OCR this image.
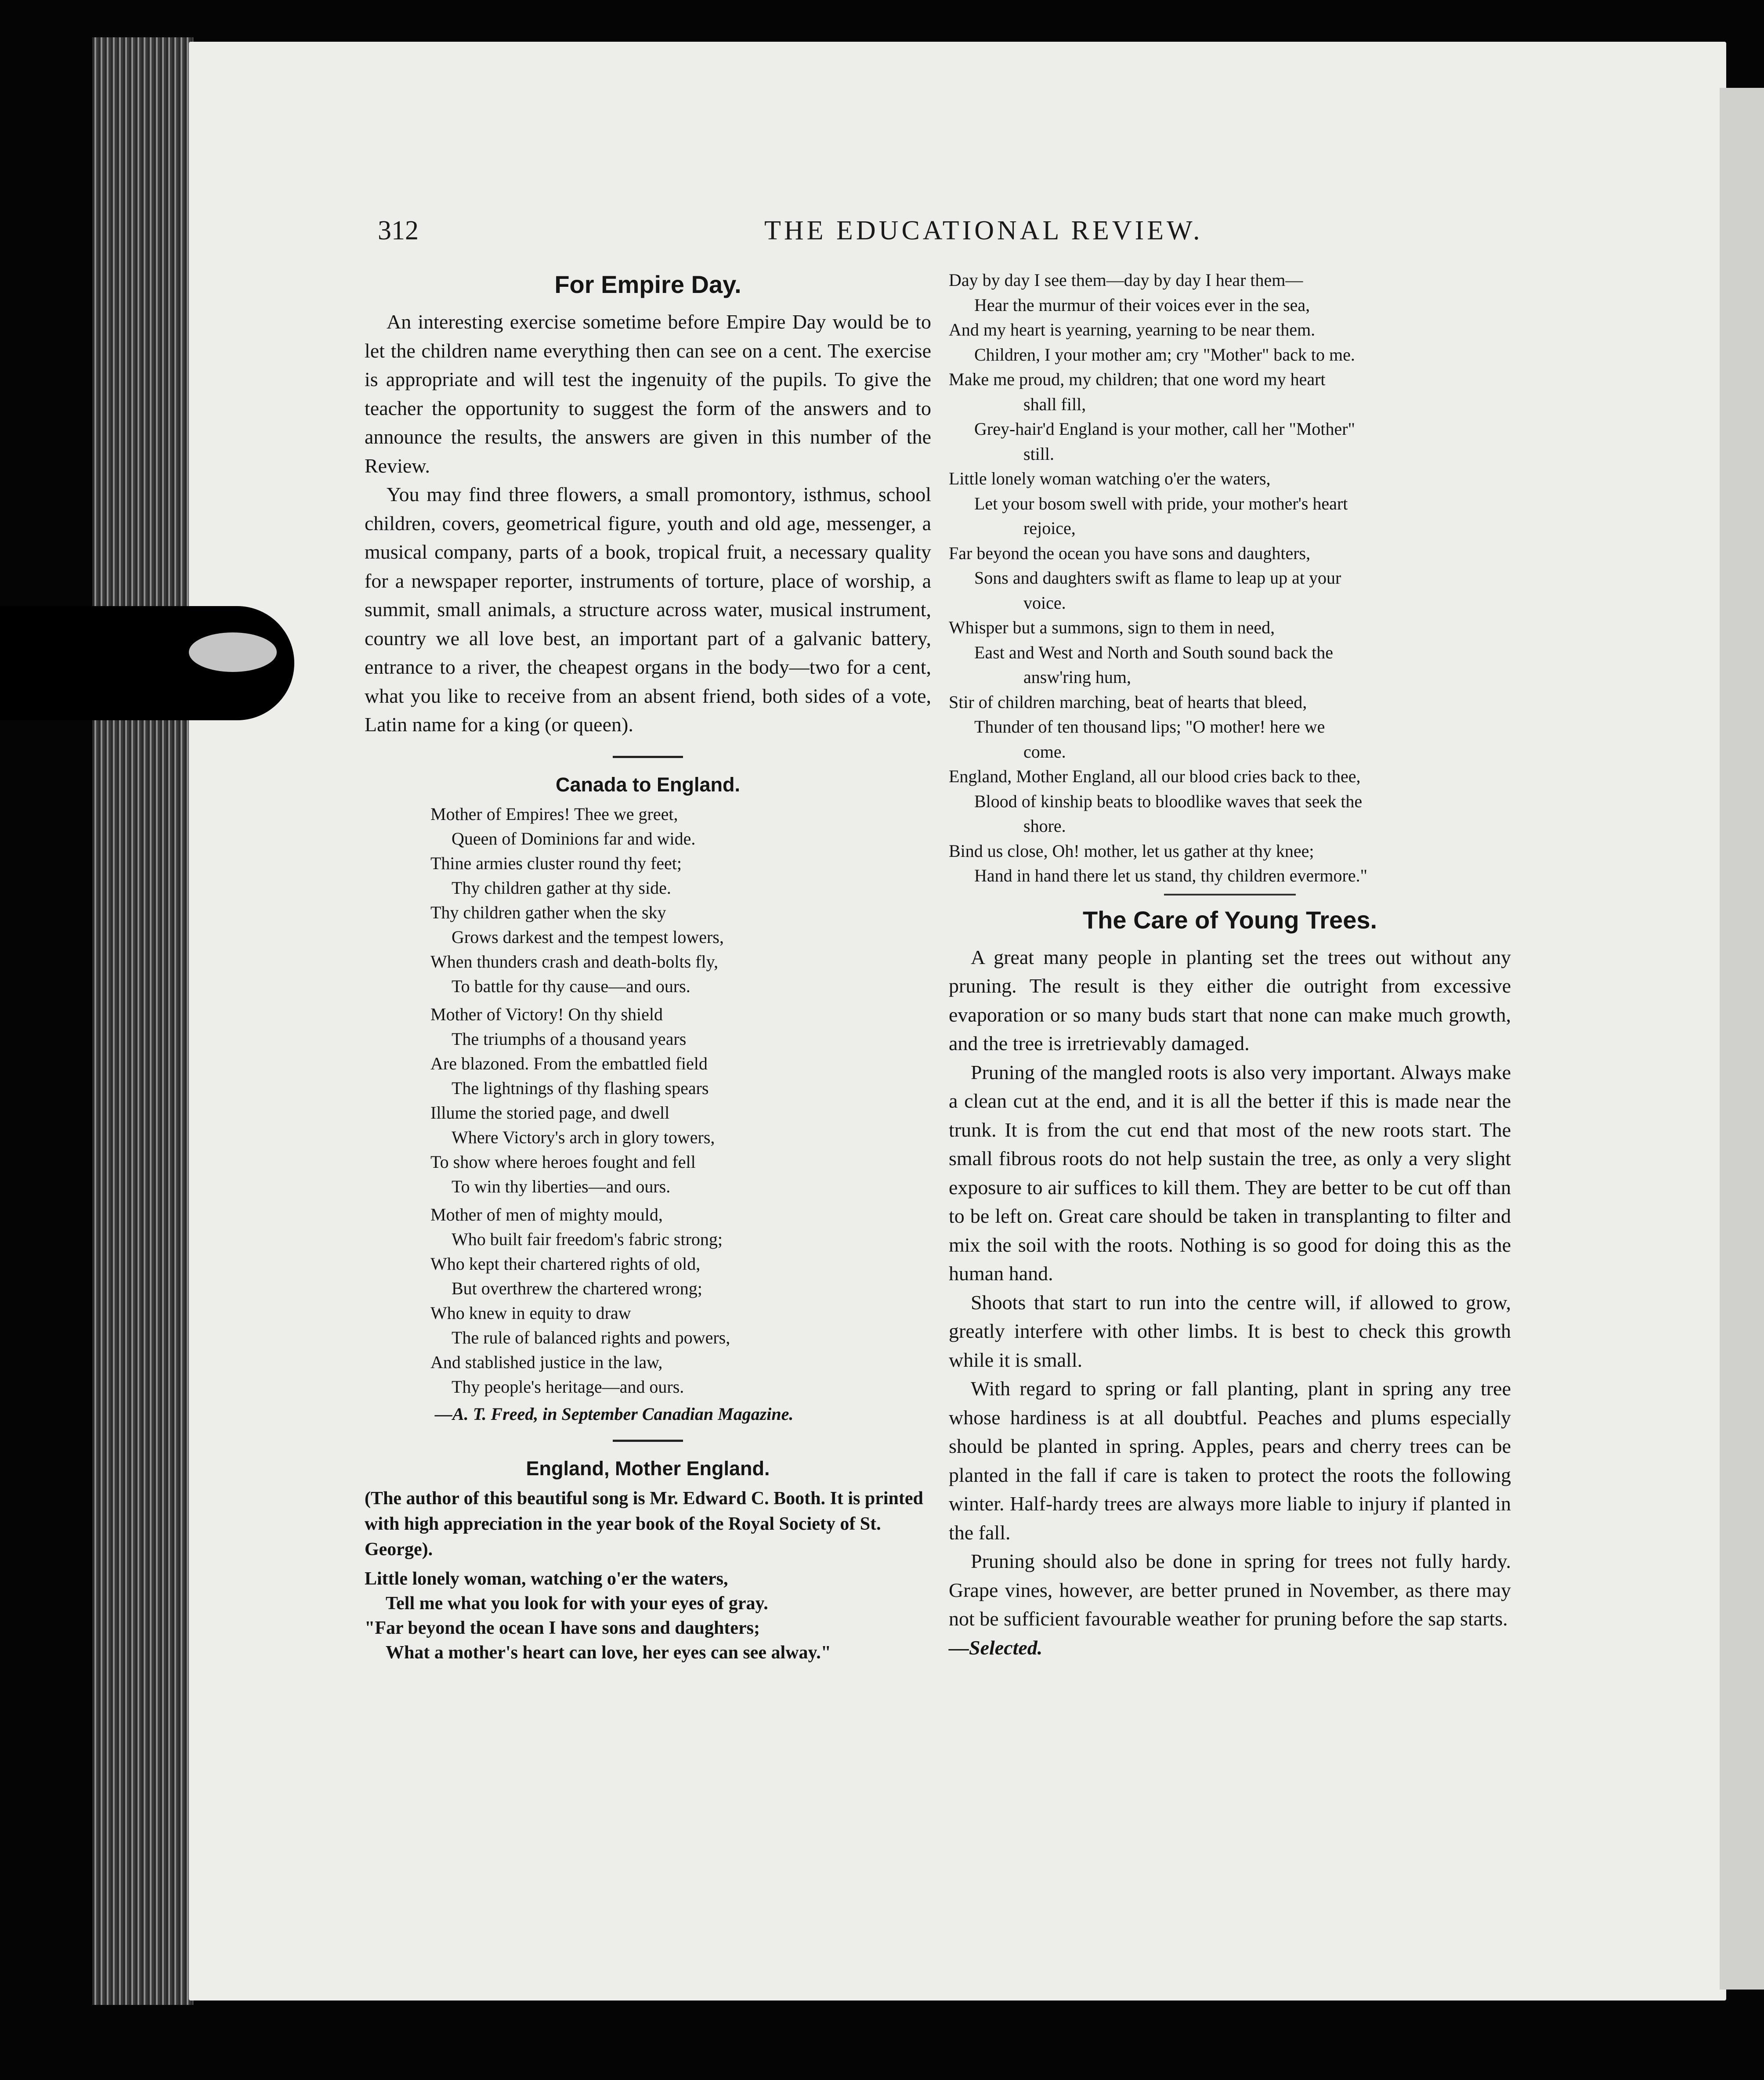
312	THE EDUCATIONAL REVIEW.
For Empire Day.

An interesting exercise sometime before Empire Day would be to let the children name everything then can see on a cent. The exercise is appropriate and will test the ingenuity of the pupils. To give the teacher the opportunity to suggest the form of the answers and to announce the results, the answers are given in this number of the Review.

You may find three flowers, a small promontory, isthmus, school children, covers, geometrical figure, youth and old age, messenger, a musical company, parts of a book, tropical fruit, a necessary quality for a newspaper reporter, instruments of torture, place of worship, a summit, small animals, a structure across water, musical instrument, country we all love best, an important part of a galvanic battery, entrance to a river, the cheapest organs in the body—two for a cent, what you like to receive from an absent friend, both sides of a vote, Latin name for a king (or queen).

Canada to England.
Mother of Empires! Thee we greet,
Queen of Dominions far and wide.
Thine armies cluster round thy feet;
Thy children gather at thy side.
Thy children gather when the sky
Grows darkest and the tempest lowers,
When thunders crash and death-bolts fly,
To battle for thy cause—and ours.
Mother of Victory! On thy shield
The triumphs of a thousand years
Are blazoned. From the embattled field
The lightnings of thy flashing spears
Illume the storied page, and dwell
Where Victory's arch in glory towers,
To show where heroes fought and fell
To win thy liberties—and ours.
Mother of men of mighty mould,
Who built fair freedom's fabric strong;
Who kept their chartered rights of old,
But overthrew the chartered wrong;
Who knew in equity to draw
The rule of balanced rights and powers,
And stablished justice in the law,
Thy people's heritage—and ours.
—A. T. Freed, in September Canadian Magazine.
England, Mother England.

(The author of this beautiful song is Mr. Edward C. Booth. It is printed with high appreciation in the year book of the Royal Society of St. George).

Little lonely woman, watching o'er the waters,
Tell me what you look for with your eyes of gray.
"Far beyond the ocean I have sons and daughters;
What a mother's heart can love, her eyes can see alway."
Day by day I see them—day by day I hear them—
Hear the murmur of their voices ever in the sea,
And my heart is yearning, yearning to be near them.
Children, I your mother am; cry "Mother" back to me.
Make me proud, my children; that one word my heart
shall fill,
Grey-hair'd England is your mother, call her "Mother"
still.
Little lonely woman watching o'er the waters,
Let your bosom swell with pride, your mother's heart
rejoice,
Far beyond the ocean you have sons and daughters,
Sons and daughters swift as flame to leap up at your
voice.
Whisper but a summons, sign to them in need,
East and West and North and South sound back the
answ'ring hum,
Stir of children marching, beat of hearts that bleed,
Thunder of ten thousand lips; "O mother! here we
come.
England, Mother England, all our blood cries back to thee,
Blood of kinship beats to bloodlike waves that seek the
shore.
Bind us close, Oh! mother, let us gather at thy knee;
Hand in hand there let us stand, thy children evermore."
The Care of Young Trees.

A great many people in planting set the trees out without any pruning. The result is they either die outright from excessive evaporation or so many buds start that none can make much growth, and the tree is irretrievably damaged.

Pruning of the mangled roots is also very important. Always make a clean cut at the end, and it is all the better if this is made near the trunk. It is from the cut end that most of the new roots start. The small fibrous roots do not help sustain the tree, as only a very slight exposure to air suffices to kill them. They are better to be cut off than to be left on. Great care should be taken in transplanting to filter and mix the soil with the roots. Nothing is so good for doing this as the human hand.

Shoots that start to run into the centre will, if allowed to grow, greatly interfere with other limbs. It is best to check this growth while it is small.

With regard to spring or fall planting, plant in spring any tree whose hardiness is at all doubtful. Peaches and plums especially should be planted in spring. Apples, pears and cherry trees can be planted in the fall if care is taken to protect the roots the following winter. Half-hardy trees are always more liable to injury if planted in the fall.

Pruning should also be done in spring for trees not fully hardy. Grape vines, however, are better pruned in November, as there may not be sufficient favourable weather for pruning before the sap starts.

—Selected.
